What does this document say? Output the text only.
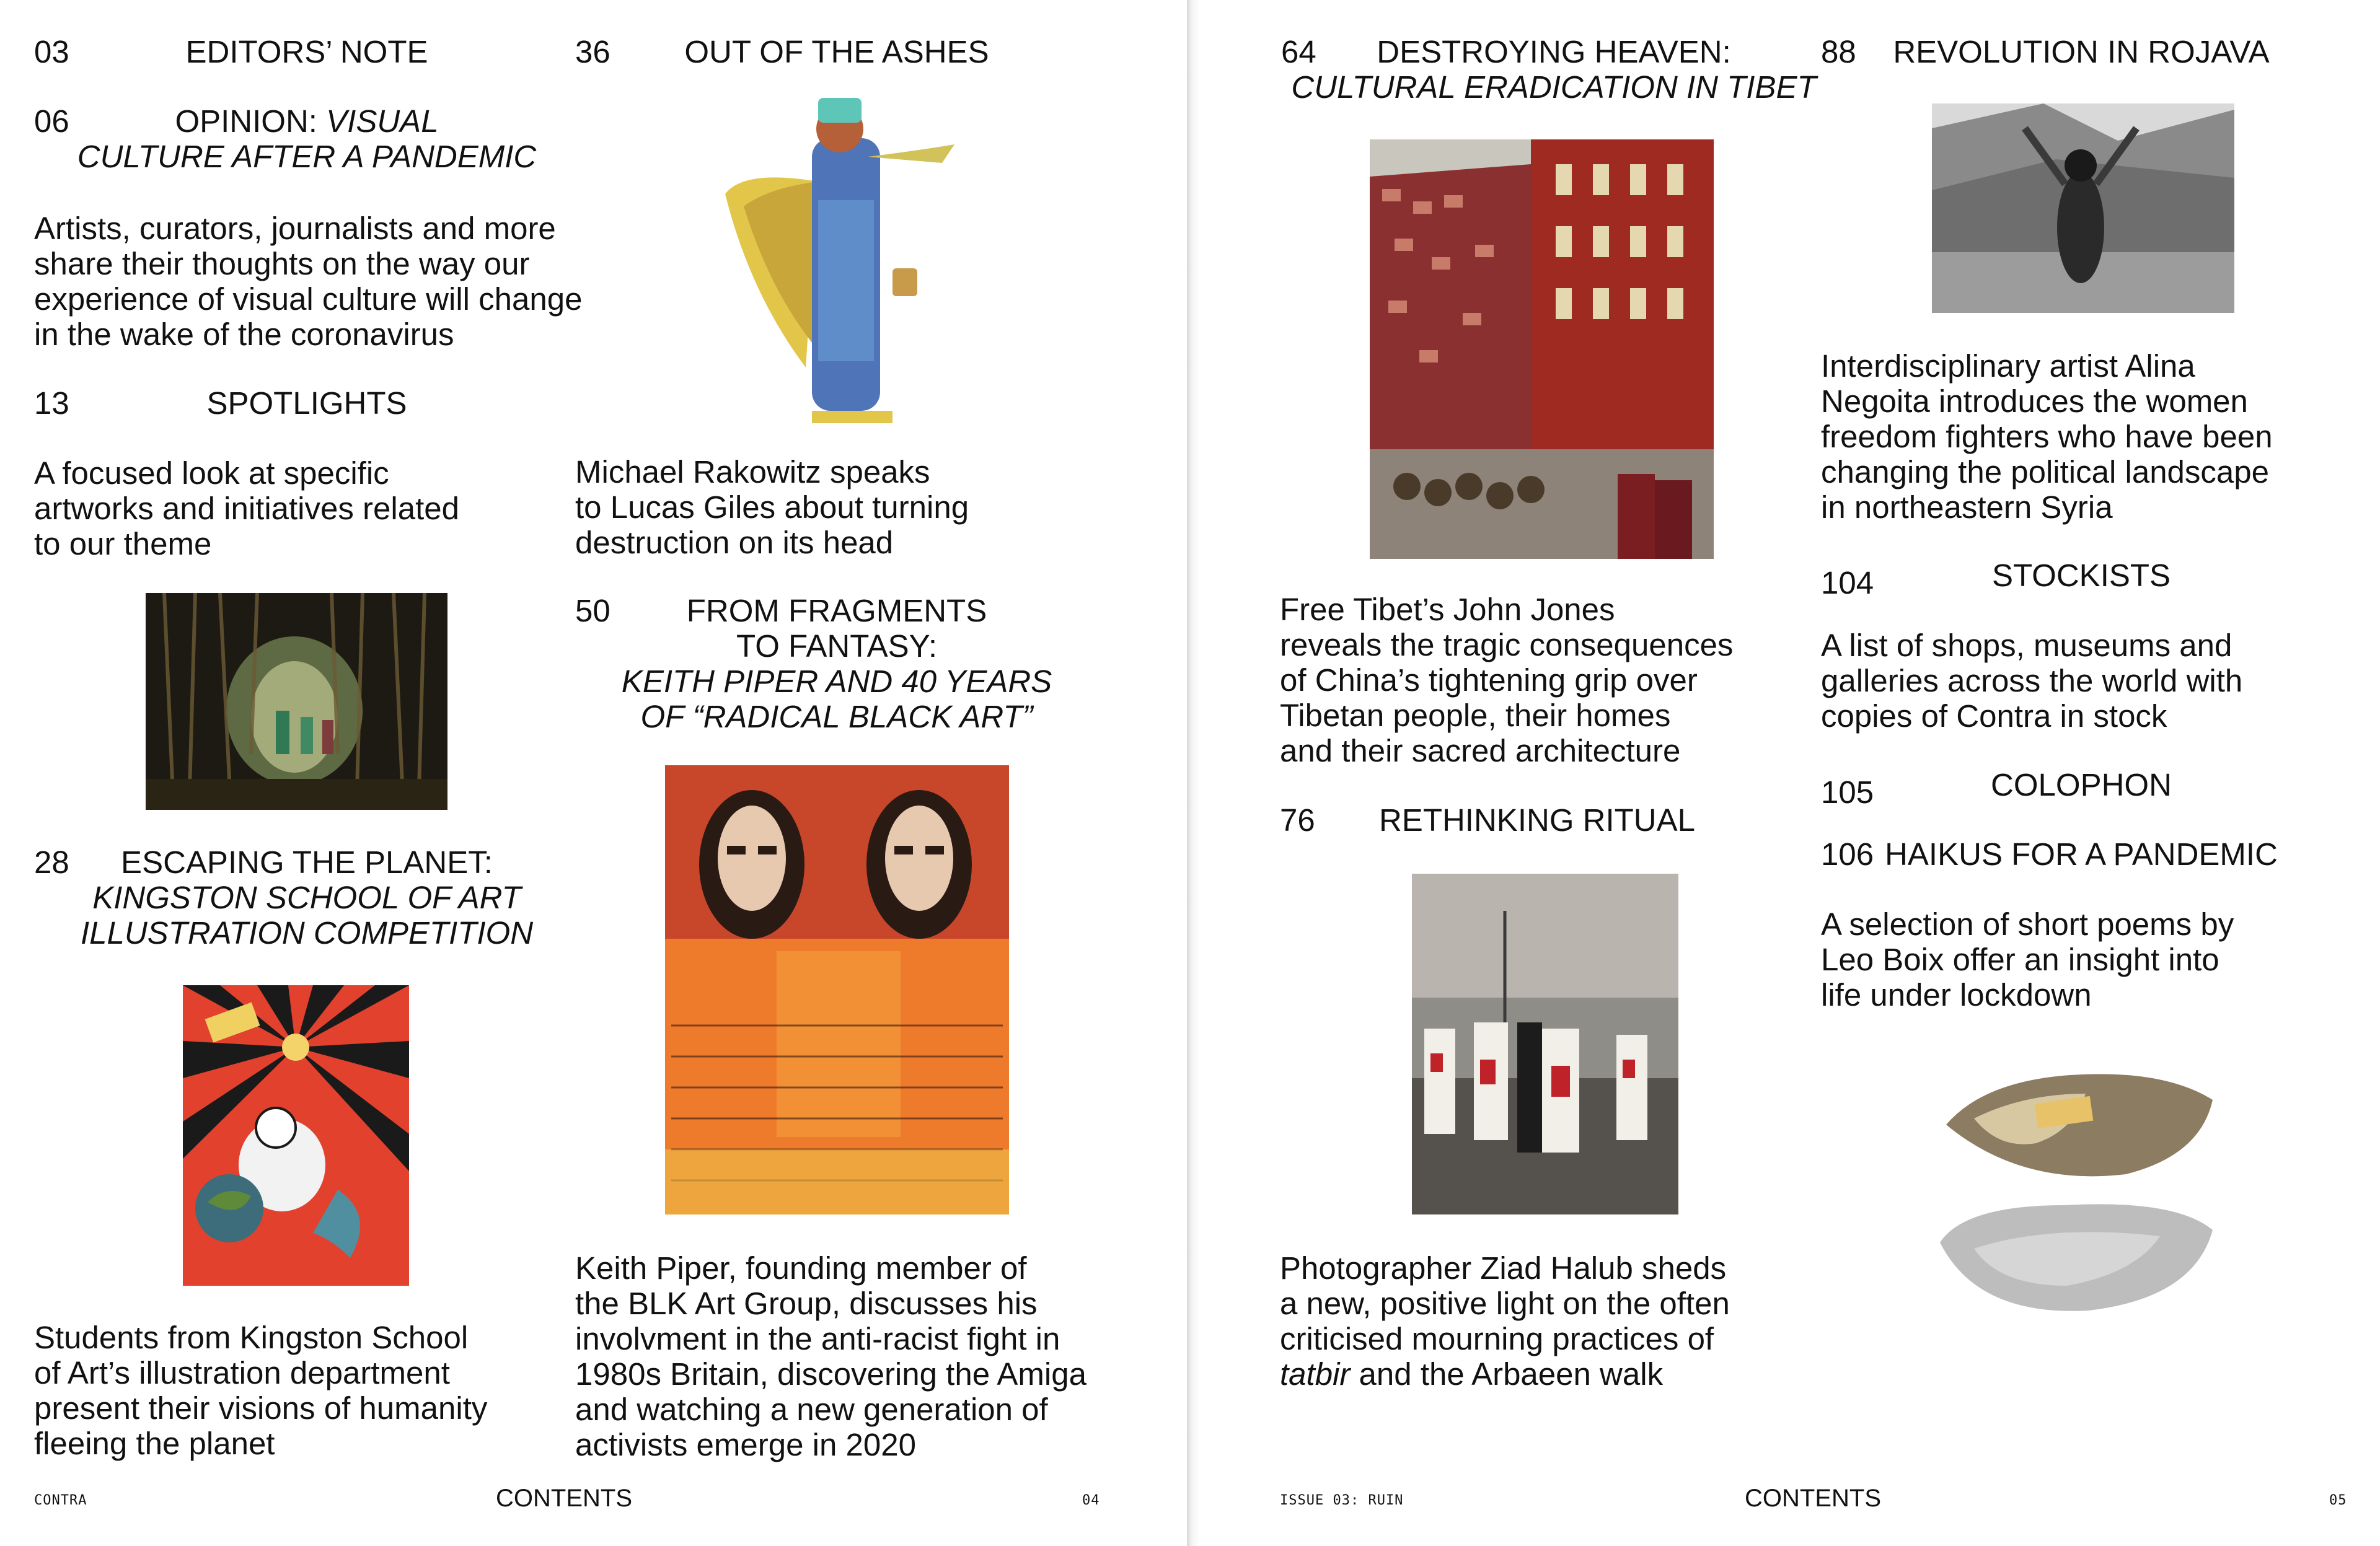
03	EDITORS’ NOTE
06	OPINION: VISUAL
CULTURE AFTER A PANDEMIC
Artists, curators, journalists and more
share their thoughts on the way our
experience of visual culture will change
in the wake of the coronavirus
13	SPOTLIGHTS
A focused look at specific
artworks and initiatives related
to our theme
28	ESCAPING THE PLANET:
KINGSTON SCHOOL OF ART
ILLUSTRATION COMPETITION
Students from Kingston School
of Art’s illustration department
present their visions of humanity
fleeing the planet
36	OUT OF THE ASHES
Michael Rakowitz speaks
to Lucas Giles about turning
destruction on its head
50	FROM FRAGMENTS
TO FANTASY:
KEITH PIPER AND 40 YEARS
OF “RADICAL BLACK ART”
Keith Piper, founding member of
the BLK Art Group, discusses his
involvment in the anti-racist fight in
1980s Britain, discovering the Amiga
and watching a new generation of
activists emerge in 2020
CONTRA	CONTENTS	04
64	DESTROYING HEAVEN:
CULTURAL ERADICATION IN TIBET
Free Tibet’s John Jones
reveals the tragic consequences
of China’s tightening grip over
Tibetan people, their homes
and their sacred architecture
76	RETHINKING RITUAL
Photographer Ziad Halub sheds
a new, positive light on the often
criticised mourning practices of
tatbir and the Arbaeen walk
88	REVOLUTION IN ROJAVA
Interdisciplinary artist Alina
Negoita introduces the women
freedom fighters who have been
changing the political landscape
in northeastern Syria
104	STOCKISTS
A list of shops, museums and
galleries across the world with
copies of Contra in stock
105	COLOPHON
106 HAIKUS FOR A PANDEMIC
A selection of short poems by
Leo Boix offer an insight into
life under lockdown
ISSUE 03: RUIN	CONTENTS	05
